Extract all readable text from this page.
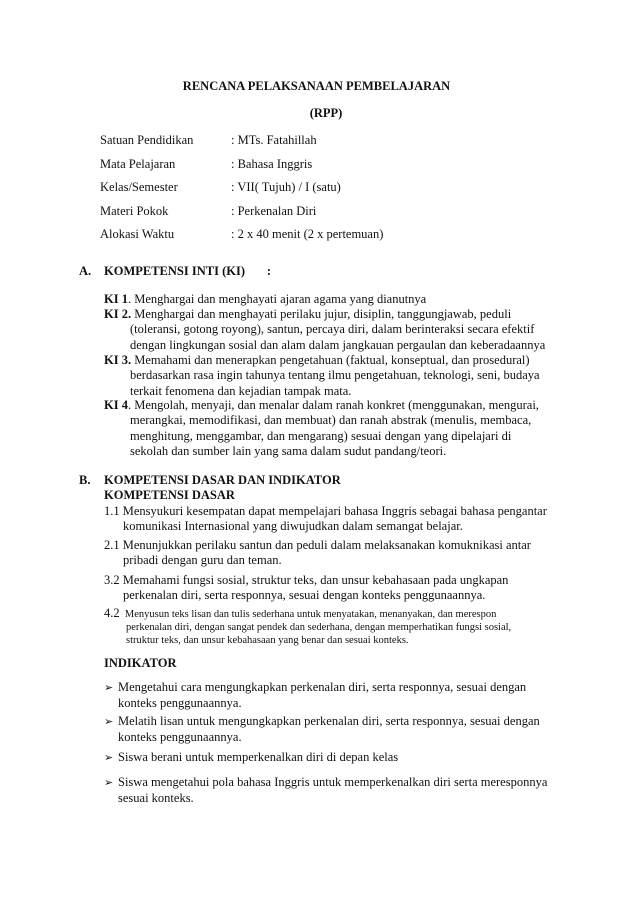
RENCANA PELAKSANAAN PEMBELAJARAN
(RPP)
Satuan Pendidikan	: MTs. Fatahillah
Mata Pelajaran	: Bahasa Inggris
Kelas/Semester	: VII( Tujuh) / I (satu)
Materi Pokok	: Perkenalan Diri
Alokasi Waktu	: 2 x 40 menit (2 x pertemuan)
A. KOMPETENSI INTI (KI)       :
KI 1. Menghargai dan menghayati ajaran agama yang dianutnya
KI 2. Menghargai dan menghayati perilaku jujur, disiplin, tanggungjawab, peduli
(toleransi, gotong royong), santun, percaya diri, dalam berinteraksi secara efektif
dengan lingkungan sosial dan alam dalam jangkauan pergaulan dan keberadaannya
KI 3. Memahami dan menerapkan pengetahuan (faktual, konseptual, dan prosedural)
berdasarkan rasa ingin tahunya tentang ilmu pengetahuan, teknologi, seni, budaya
terkait fenomena dan kejadian tampak mata.
KI 4. Mengolah, menyaji, dan menalar dalam ranah konkret (menggunakan, mengurai,
merangkai, memodifikasi, dan membuat) dan ranah abstrak (menulis, membaca,
menghitung, menggambar, dan mengarang) sesuai dengan yang dipelajari di
sekolah dan sumber lain yang sama dalam sudut pandang/teori.
B. KOMPETENSI DASAR DAN INDIKATOR
KOMPETENSI DASAR
1.1 Mensyukuri kesempatan dapat mempelajari bahasa Inggris sebagai bahasa pengantar
komunikasi Internasional yang diwujudkan dalam semangat belajar.
2.1 Menunjukkan perilaku santun dan peduli dalam melaksanakan komuknikasi antar
pribadi dengan guru dan teman.
3.2 Memahami fungsi sosial, struktur teks, dan unsur kebahasaan pada ungkapan
perkenalan diri, serta responnya, sesuai dengan konteks penggunaannya.
4.2  Menyusun teks lisan dan tulis sederhana untuk menyatakan, menanyakan, dan merespon
perkenalan diri, dengan sangat pendek dan sederhana, dengan memperhatikan fungsi sosial,
struktur teks, dan unsur kebahasaan yang benar dan sesuai konteks.
INDIKATOR
➢ Mengetahui cara mengungkapkan perkenalan diri, serta responnya, sesuai dengan
konteks penggunaannya.
➢ Melatih lisan untuk mengungkapkan perkenalan diri, serta responnya, sesuai dengan
konteks penggunaannya.
➢ Siswa berani untuk memperkenalkan diri di depan kelas
➢ Siswa mengetahui pola bahasa Inggris untuk memperkenalkan diri serta meresponnya
sesuai konteks.
